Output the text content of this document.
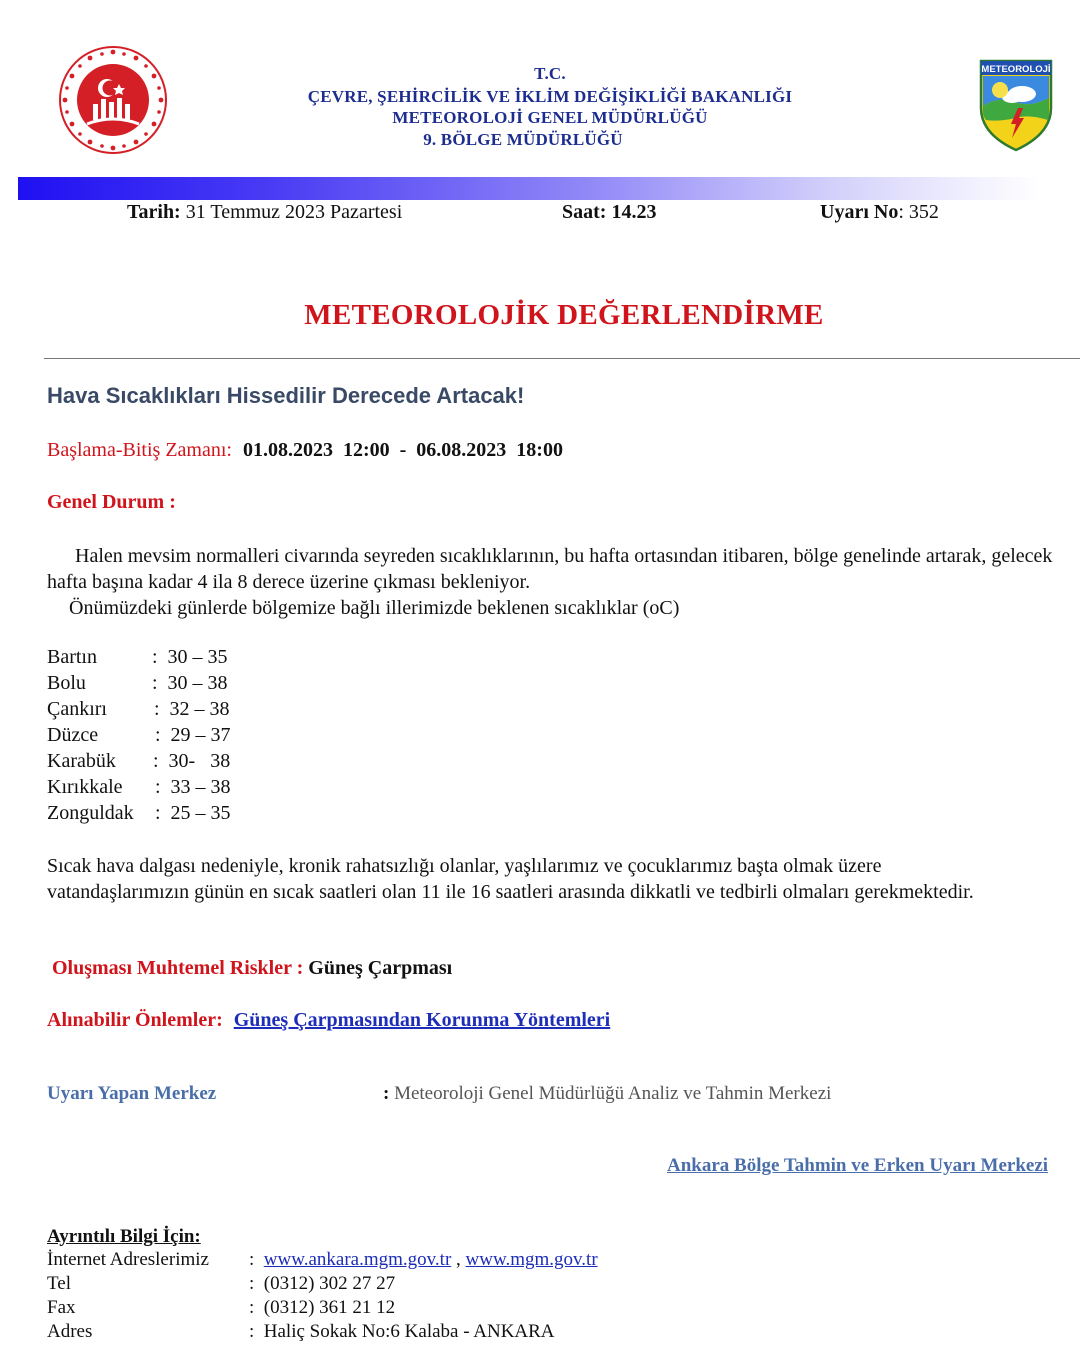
T.C.
ÇEVRE, ŞEHİRCİLİK VE İKLİM DEĞİŞİKLİĞİ BAKANLIĞI
METEOROLOJİ GENEL MÜDÜRLÜĞÜ
9. BÖLGE MÜDÜRLÜĞÜ
METEOROLOJİ
Tarih: 31 Temmuz 2023 Pazartesi	Saat: 14.23	Uyarı No: 352
METEOROLOJİK DEĞERLENDİRME
Hava Sıcaklıkları Hissedilir Derecede Artacak!
Başlama-Bitiş Zamanı: 01.08.2023  12:00  -  06.08.2023  18:00
Genel Durum :
Halen mevsim normalleri civarında seyreden sıcaklıklarının, bu hafta ortasından itibaren, bölge genelinde artarak, gelecek hafta başına kadar 4 ila 8 derece üzerine çıkması bekleniyor.
Önümüzdeki günlerde bölgemize bağlı illerimizde beklenen sıcaklıklar (oC)
Bartın	:  30 – 35
Bolu	:  30 – 38
Çankırı :  32 – 38
Düzce	:  29 – 37
Karabük :  30-   38
Kırıkkale :  33 – 38
Zonguldak :  25 – 35
Sıcak hava dalgası nedeniyle, kronik rahatsızlığı olanlar, yaşlılarımız ve çocuklarımız başta olmak üzere vatandaşlarımızın günün en sıcak saatleri olan 11 ile 16 saatleri arasında dikkatli ve tedbirli olmaları gerekmektedir.
Oluşması Muhtemel Riskler : Güneş Çarpması
Alınabilir Önlemler: Güneş Çarpmasından Korunma Yöntemleri
Uyarı Yapan Merkez	: Meteoroloji Genel Müdürlüğü Analiz ve Tahmin Merkezi
Ankara Bölge Tahmin ve Erken Uyarı Merkezi
Ayrıntılı Bilgi İçin:
İnternet Adreslerimiz : www.ankara.mgm.gov.tr , www.mgm.gov.tr
Tel	: (0312) 302 27 27
Fax	: (0312) 361 21 12
Adres	: Haliç Sokak No:6 Kalaba - ANKARA
